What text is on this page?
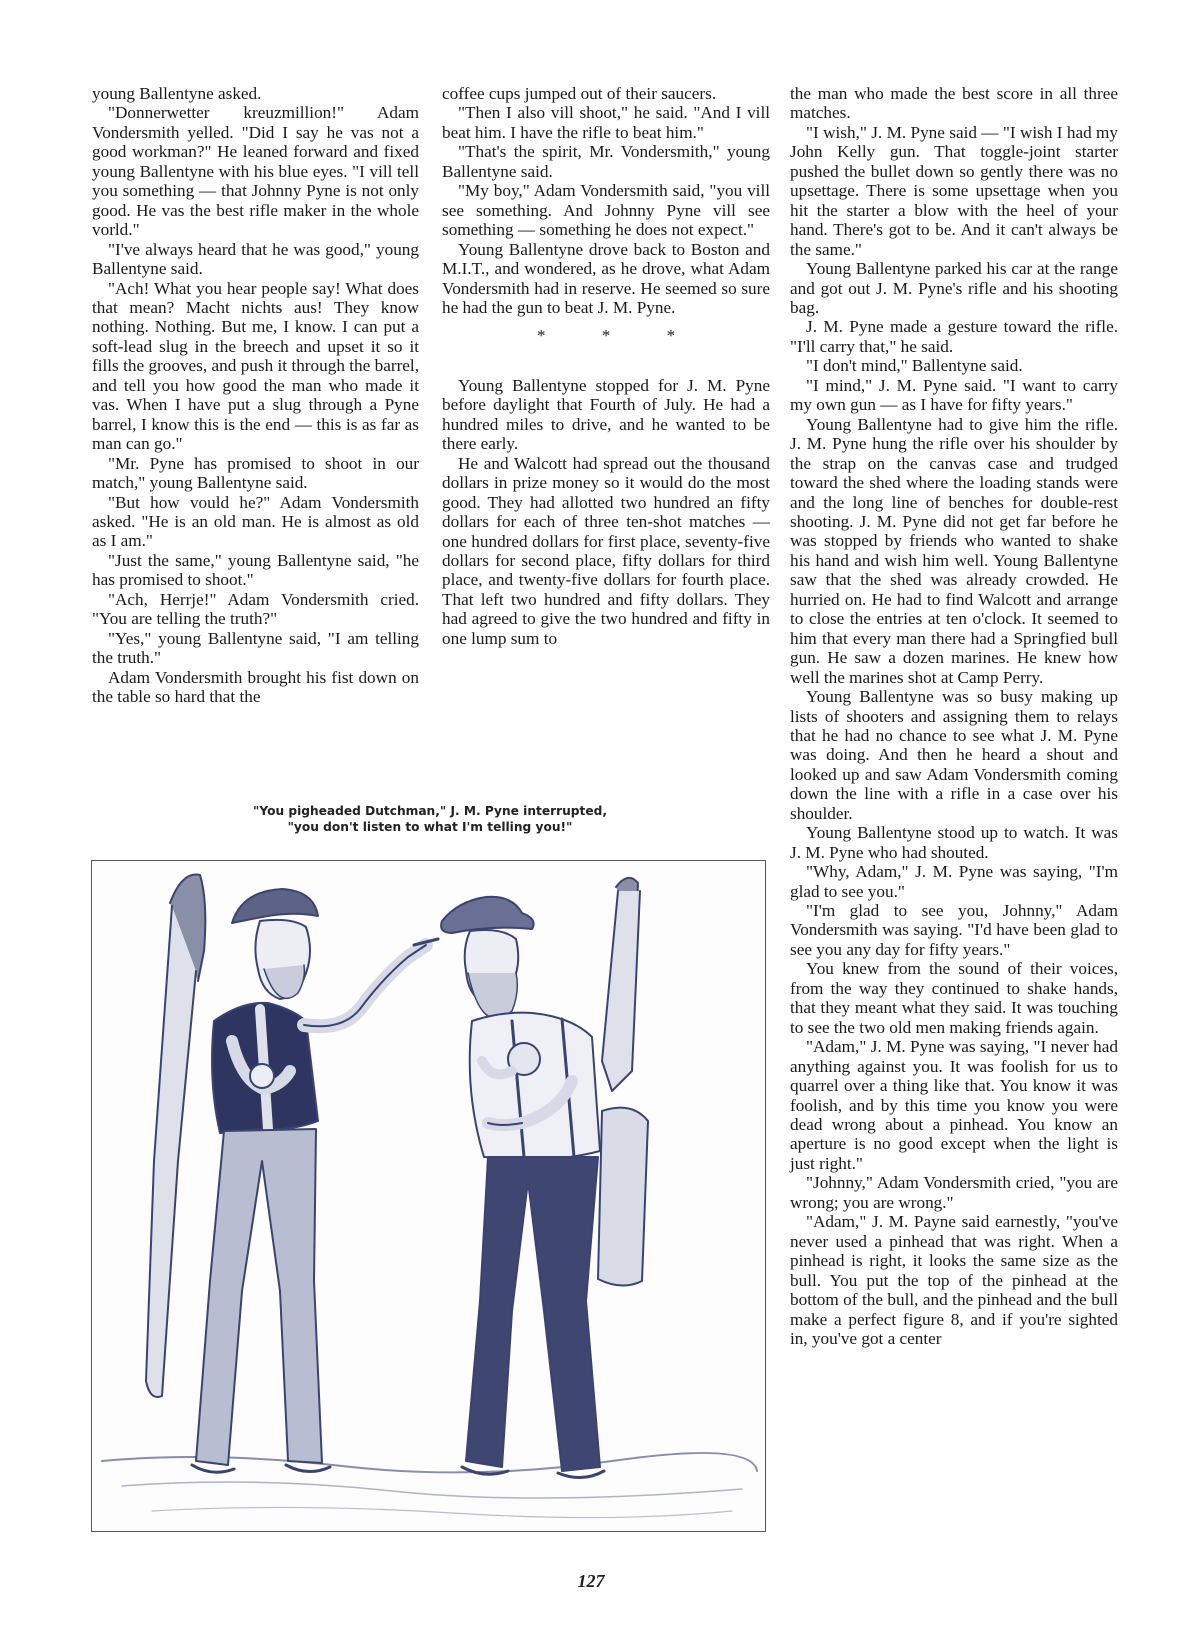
young Ballentyne asked.

"Donnerwetter kreuzmillion!" Adam Vondersmith yelled. "Did I say he vas not a good workman?" He leaned forward and fixed young Ballentyne with his blue eyes. "I vill tell you something — that Johnny Pyne is not only good. He vas the best rifle maker in the whole vorld."

"I've always heard that he was good," young Ballentyne said.

"Ach! What you hear people say! What does that mean? Macht nichts aus! They know nothing. Nothing. But me, I know. I can put a soft-lead slug in the breech and upset it so it fills the grooves, and push it through the barrel, and tell you how good the man who made it vas. When I have put a slug through a Pyne barrel, I know this is the end — this is as far as man can go."

"Mr. Pyne has promised to shoot in our match," young Ballentyne said.

"But how vould he?" Adam Vondersmith asked. "He is an old man. He is almost as old as I am."

"Just the same," young Ballentyne said, "he has promised to shoot."

"Ach, Herrje!" Adam Vondersmith cried. "You are telling the truth?"

"Yes," young Ballentyne said, "I am telling the truth."

Adam Vondersmith brought his fist down on the table so hard that the

coffee cups jumped out of their saucers.

"Then I also vill shoot," he said. "And I vill beat him. I have the rifle to beat him."

"That's the spirit, Mr. Vondersmith," young Ballentyne said.

"My boy," Adam Vondersmith said, "you vill see something. And Johnny Pyne vill see something — something he does not expect."

Young Ballentyne drove back to Boston and M.I.T., and wondered, as he drove, what Adam Vondersmith had in reserve. He seemed so sure he had the gun to beat J. M. Pyne.

* * *

Young Ballentyne stopped for J. M. Pyne before daylight that Fourth of July. He had a hundred miles to drive, and he wanted to be there early.

He and Walcott had spread out the thousand dollars in prize money so it would do the most good. They had allotted two hundred an fifty dollars for each of three ten-shot matches — one hundred dollars for first place, seventy-five dollars for second place, fifty dollars for third place, and twenty-five dollars for fourth place. That left two hundred and fifty dollars. They had agreed to give the two hundred and fifty in one lump sum to

the man who made the best score in all three matches.

"I wish," J. M. Pyne said — "I wish I had my John Kelly gun. That toggle-joint starter pushed the bullet down so gently there was no upsettage. There is some upsettage when you hit the starter a blow with the heel of your hand. There's got to be. And it can't always be the same."

Young Ballentyne parked his car at the range and got out J. M. Pyne's rifle and his shooting bag.

J. M. Pyne made a gesture toward the rifle. "I'll carry that," he said.

"I don't mind," Ballentyne said.

"I mind," J. M. Pyne said. "I want to carry my own gun — as I have for fifty years."

Young Ballentyne had to give him the rifle. J. M. Pyne hung the rifle over his shoulder by the strap on the canvas case and trudged toward the shed where the loading stands were and the long line of benches for double-rest shooting. J. M. Pyne did not get far before he was stopped by friends who wanted to shake his hand and wish him well. Young Ballentyne saw that the shed was already crowded. He hurried on. He had to find Walcott and arrange to close the entries at ten o'clock. It seemed to him that every man there had a Springfied bull gun. He saw a dozen marines. He knew how well the marines shot at Camp Perry.

Young Ballentyne was so busy making up lists of shooters and assigning them to relays that he had no chance to see what J. M. Pyne was doing. And then he heard a shout and looked up and saw Adam Vondersmith coming down the line with a rifle in a case over his shoulder.

Young Ballentyne stood up to watch. It was J. M. Pyne who had shouted.

"Why, Adam," J. M. Pyne was saying, "I'm glad to see you."

"I'm glad to see you, Johnny," Adam Vondersmith was saying. "I'd have been glad to see you any day for fifty years."

You knew from the sound of their voices, from the way they continued to shake hands, that they meant what they said. It was touching to see the two old men making friends again.

"Adam," J. M. Pyne was saying, "I never had anything against you. It was foolish for us to quarrel over a thing like that. You know it was foolish, and by this time you know you were dead wrong about a pinhead. You know an aperture is no good except when the light is just right."

"Johnny," Adam Vondersmith cried, "you are wrong; you are wrong."

"Adam," J. M. Payne said earnestly, "you've never used a pinhead that was right. When a pinhead is right, it looks the same size as the bull. You put the top of the pinhead at the bottom of the bull, and the pinhead and the bull make a perfect figure 8, and if you're sighted in, you've got a center

"You pigheaded Dutchman," J. M. Pyne interrupted,
"you don't listen to what I'm telling you!"
127
